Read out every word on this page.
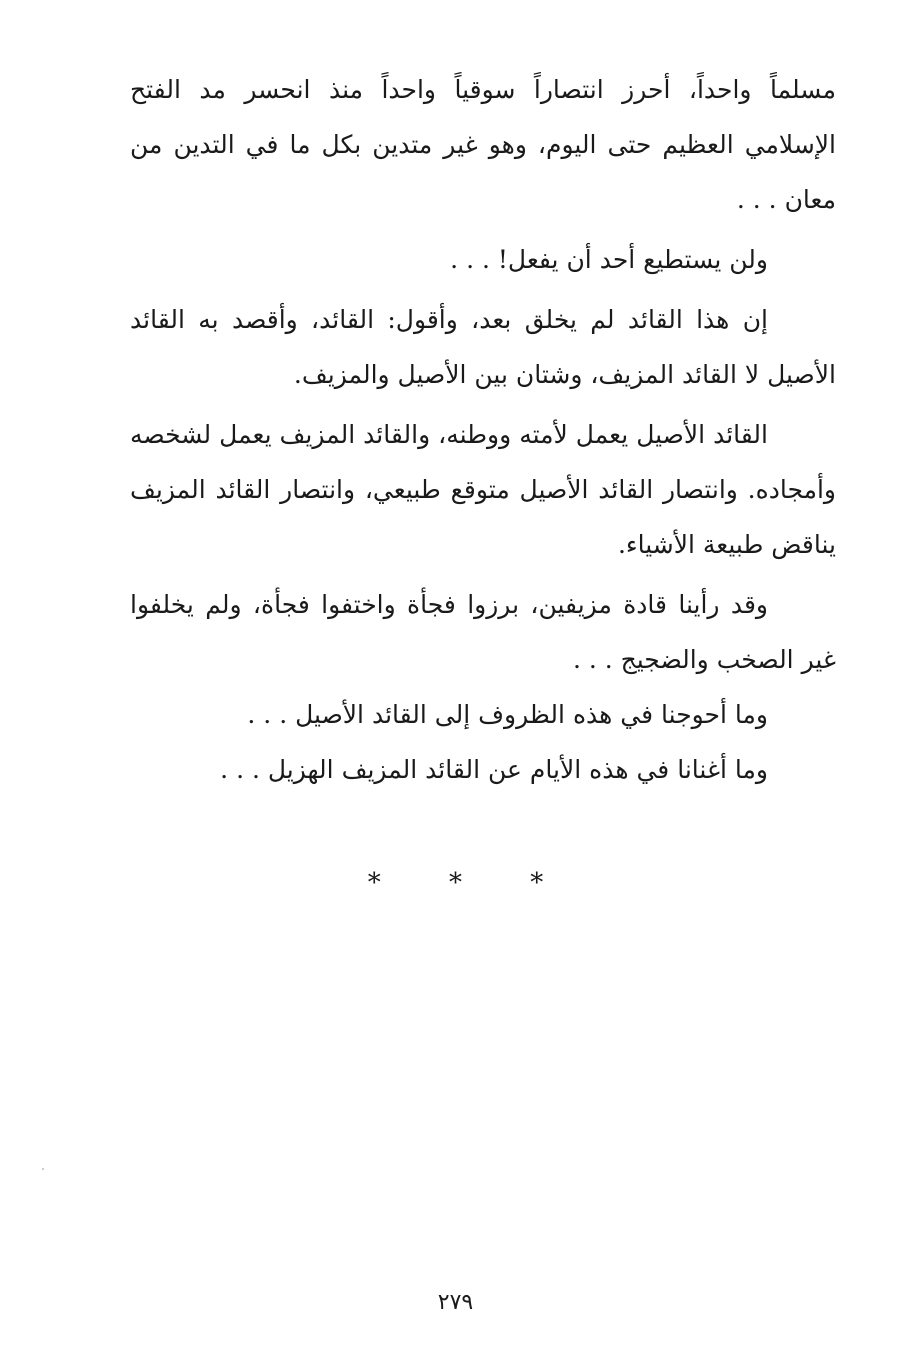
مسلماً واحداً، أحرز انتصاراً سوقياً واحداً منذ انحسر مد الفتح الإسلامي العظيم حتى اليوم، وهو غير متدين بكل ما في التدين من معان . . .

ولن يستطيع أحد أن يفعل! . . .

إن هذا القائد لم يخلق بعد، وأقول: القائد، وأقصد به القائد الأصيل لا القائد المزيف، وشتان بين الأصيل والمزيف.

القائد الأصيل يعمل لأمته ووطنه، والقائد المزيف يعمل لشخصه وأمجاده. وانتصار القائد الأصيل متوقع طبيعي، وانتصار القائد المزيف يناقض طبيعة الأشياء.

وقد رأينا قادة مزيفين، برزوا فجأة واختفوا فجأة، ولم يخلفوا غير الصخب والضجيج . . .

وما أحوجنا في هذه الظروف إلى القائد الأصيل . . .

وما أغنانا في هذه الأيام عن القائد المزيف الهزيل . . .

* * *
٢٧٩
